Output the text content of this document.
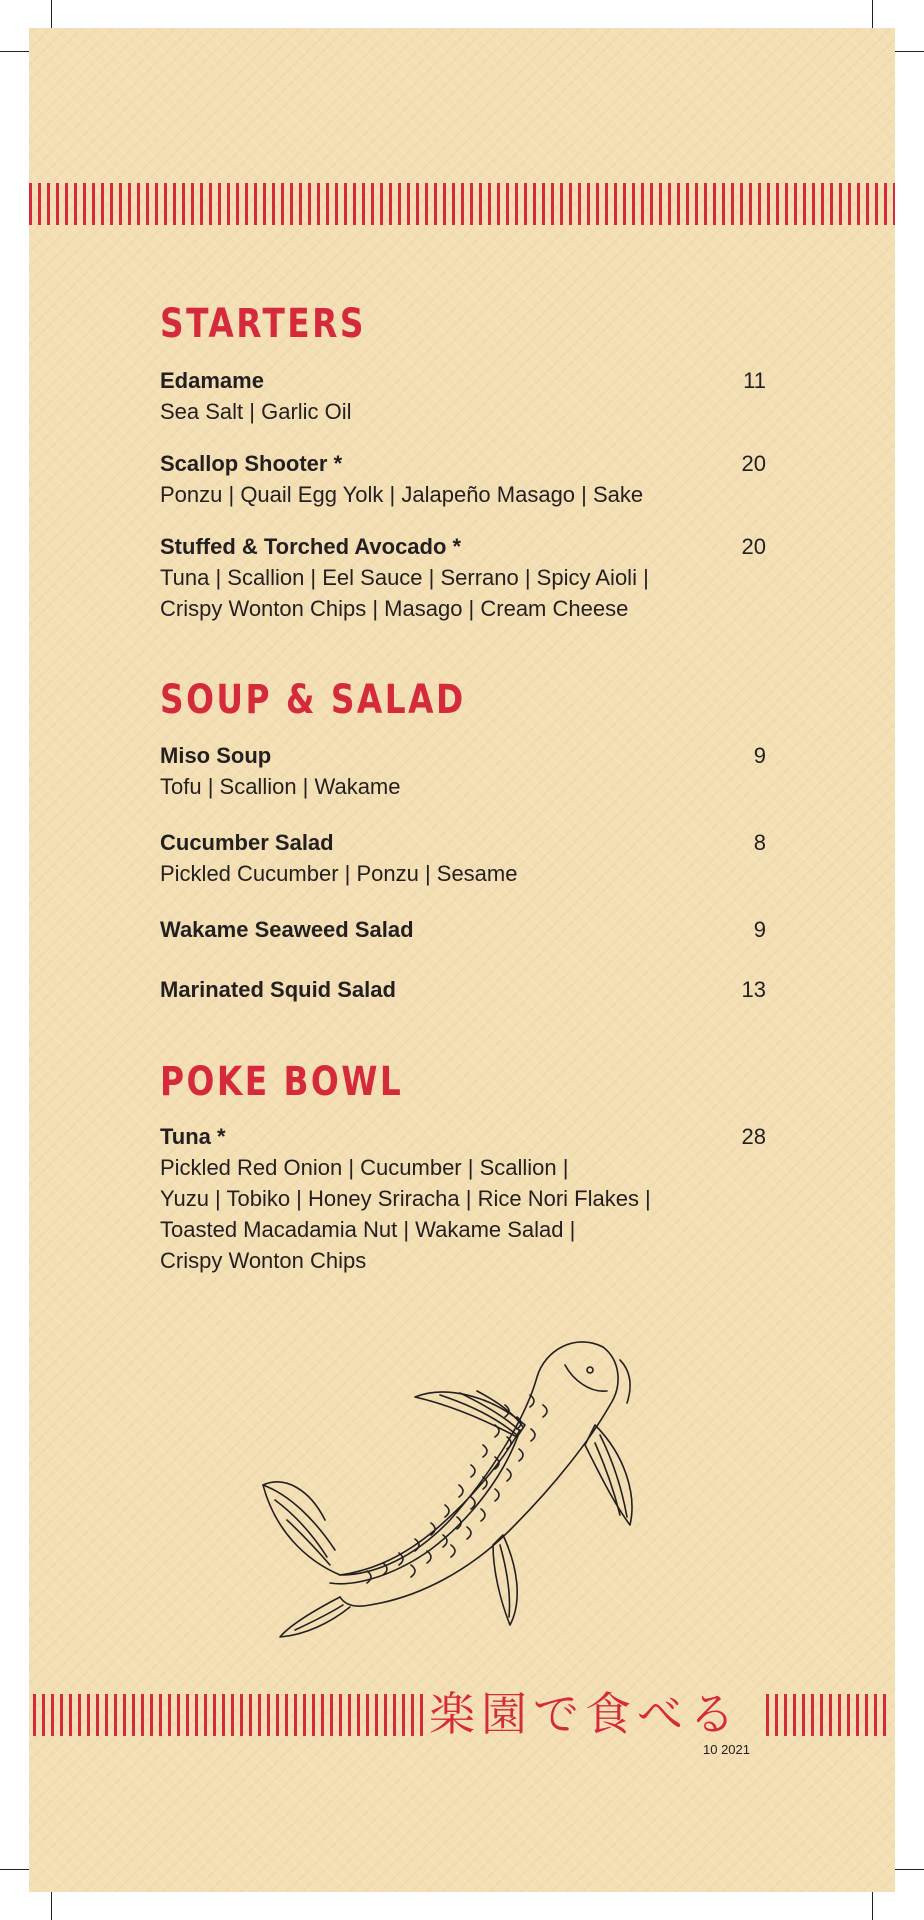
STARTERS
Edamame	11
Sea Salt | Garlic Oil
Scallop Shooter *	20
Ponzu | Quail Egg Yolk | Jalapeño Masago | Sake
Stuffed & Torched Avocado *	20
Tuna | Scallion | Eel Sauce | Serrano | Spicy Aioli |
Crispy Wonton Chips | Masago | Cream Cheese
SOUP & SALAD
Miso Soup	9
Tofu | Scallion | Wakame
Cucumber Salad	8
Pickled Cucumber | Ponzu | Sesame
Wakame Seaweed Salad	9
Marinated Squid Salad	13
POKE BOWL
Tuna *	28
Pickled Red Onion | Cucumber | Scallion |
Yuzu | Tobiko | Honey Sriracha | Rice Nori Flakes |
Toasted Macadamia Nut | Wakame Salad |
Crispy Wonton Chips
楽園で食べる
10 2021
